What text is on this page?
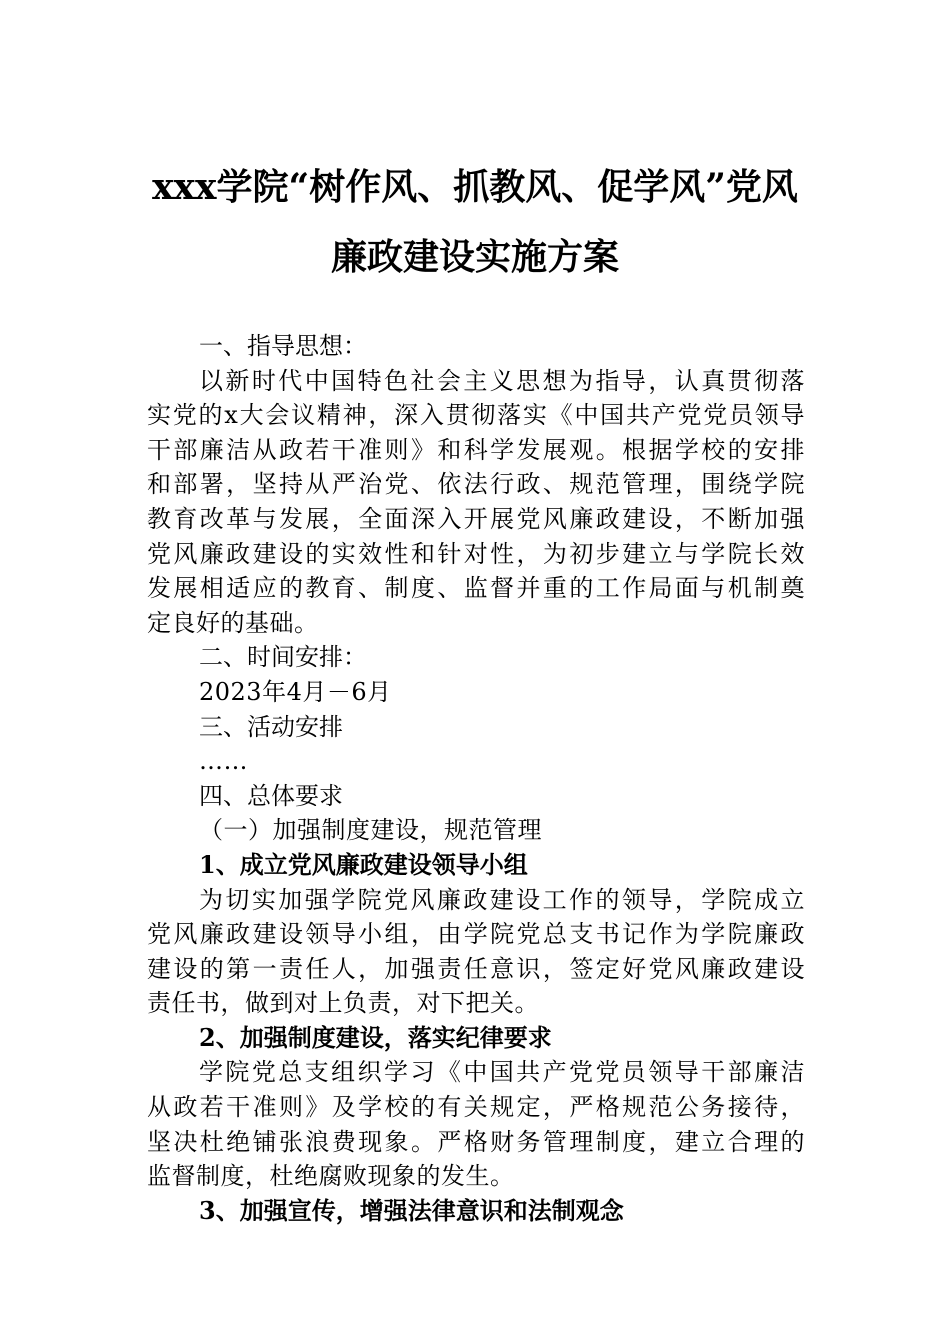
xxx学院“树作风、抓教风、促学风”党风
廉政建设实施方案
一、指导思想：
以新时代中国特色社会主义思想为指导，认真贯彻落
实党的x大会议精神，深入贯彻落实《中国共产党党员领导
干部廉洁从政若干准则》和科学发展观。根据学校的安排
和部署，坚持从严治党、依法行政、规范管理，围绕学院
教育改革与发展，全面深入开展党风廉政建设，不断加强
党风廉政建设的实效性和针对性，为初步建立与学院长效
发展相适应的教育、制度、监督并重的工作局面与机制奠
定良好的基础。
二、时间安排：
2023年4月－6月
三、活动安排
……
四、总体要求
（一）加强制度建设，规范管理
1、成立党风廉政建设领导小组
为切实加强学院党风廉政建设工作的领导，学院成立
党风廉政建设领导小组，由学院党总支书记作为学院廉政
建设的第一责任人，加强责任意识，签定好党风廉政建设
责任书，做到对上负责，对下把关。
2、加强制度建设，落实纪律要求
学院党总支组织学习《中国共产党党员领导干部廉洁
从政若干准则》及学校的有关规定，严格规范公务接待，
坚决杜绝铺张浪费现象。严格财务管理制度，建立合理的
监督制度，杜绝腐败现象的发生。
3、加强宣传，增强法律意识和法制观念
